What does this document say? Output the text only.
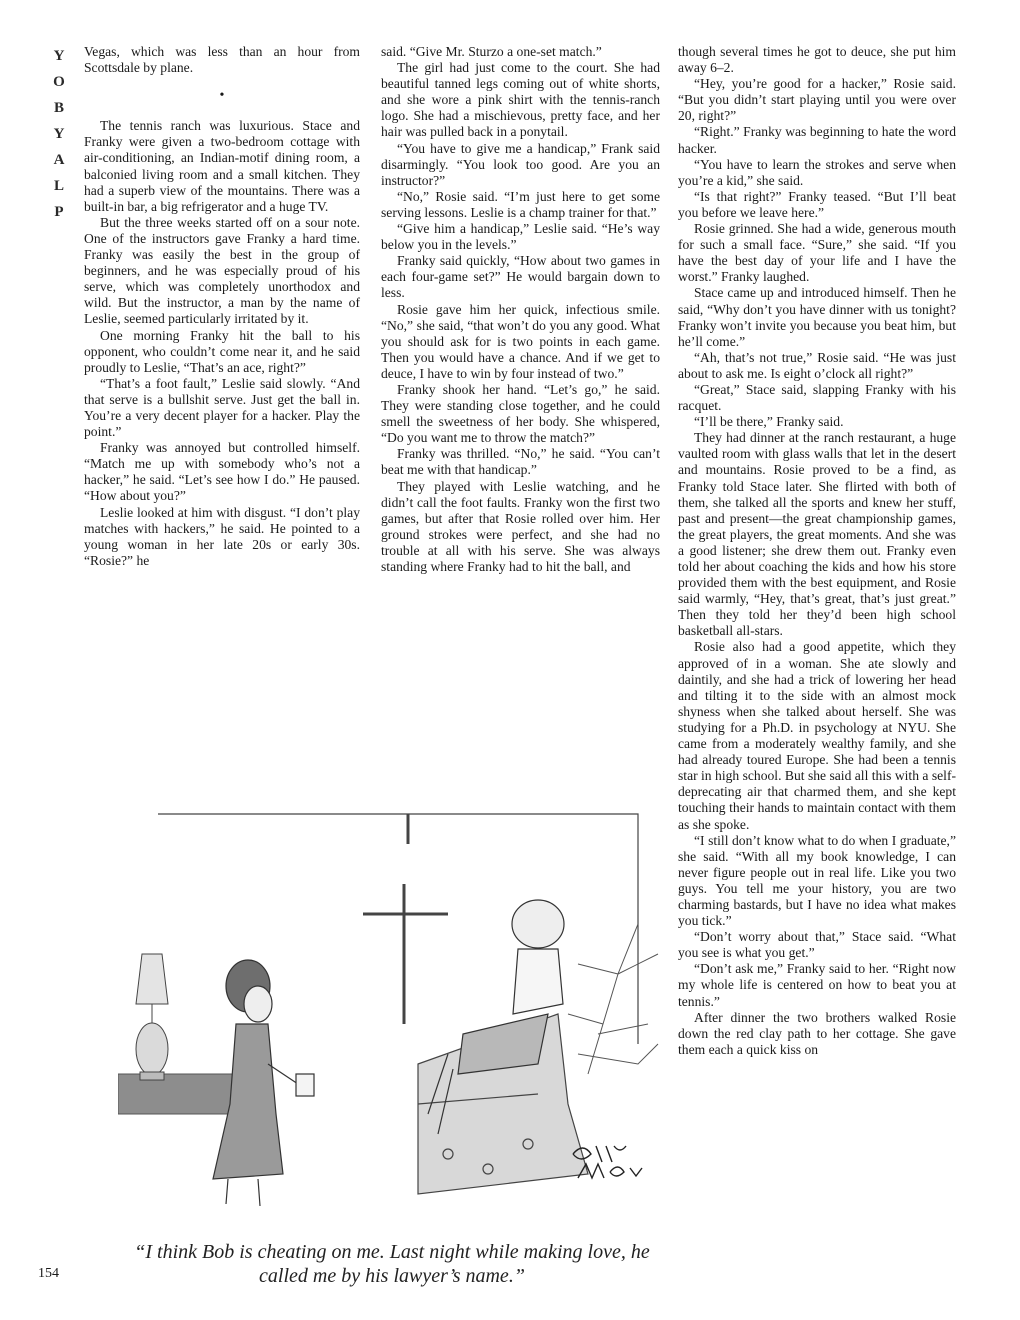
Y
O
B
Y
A
L
P

Vegas, which was less than an hour from Scottsdale by plane.

•

The tennis ranch was luxurious. Stace and Franky were given a two-bedroom cottage with air-conditioning, an Indian-motif dining room, a balconied living room and a small kitchen. They had a superb view of the mountains. There was a built-in bar, a big refrigerator and a huge TV.

But the three weeks started off on a sour note. One of the instructors gave Franky a hard time. Franky was easily the best in the group of beginners, and he was especially proud of his serve, which was completely unorthodox and wild. But the instructor, a man by the name of Leslie, seemed particularly irritated by it.

One morning Franky hit the ball to his opponent, who couldn’t come near it, and he said proudly to Leslie, “That’s an ace, right?”

“That’s a foot fault,” Leslie said slowly. “And that serve is a bullshit serve. Just get the ball in. You’re a very decent player for a hacker. Play the point.”

Franky was annoyed but controlled himself. “Match me up with somebody who’s not a hacker,” he said. “Let’s see how I do.” He paused. “How about you?”

Leslie looked at him with disgust. “I don’t play matches with hackers,” he said. He pointed to a young woman in her late 20s or early 30s. “Rosie?” he

said. “Give Mr. Sturzo a one-set match.”

The girl had just come to the court. She had beautiful tanned legs coming out of white shorts, and she wore a pink shirt with the tennis-ranch logo. She had a mischievous, pretty face, and her hair was pulled back in a ponytail.

“You have to give me a handicap,” Frank said disarmingly. “You look too good. Are you an instructor?”

“No,” Rosie said. “I’m just here to get some serving lessons. Leslie is a champ trainer for that.”

“Give him a handicap,” Leslie said. “He’s way below you in the levels.”

Franky said quickly, “How about two games in each four-game set?” He would bargain down to less.

Rosie gave him her quick, infectious smile. “No,” she said, “that won’t do you any good. What you should ask for is two points in each game. Then you would have a chance. And if we get to deuce, I have to win by four instead of two.”

Franky shook her hand. “Let’s go,” he said. They were standing close together, and he could smell the sweetness of her body. She whispered, “Do you want me to throw the match?”

Franky was thrilled. “No,” he said. “You can’t beat me with that handicap.”

They played with Leslie watching, and he didn’t call the foot faults. Franky won the first two games, but after that Rosie rolled over him. Her ground strokes were perfect, and she had no trouble at all with his serve. She was always standing where Franky had to hit the ball, and

though several times he got to deuce, she put him away 6–2.

“Hey, you’re good for a hacker,” Rosie said. “But you didn’t start playing until you were over 20, right?”

“Right.” Franky was beginning to hate the word hacker.

“You have to learn the strokes and serve when you’re a kid,” she said.

“Is that right?” Franky teased. “But I’ll beat you before we leave here.”

Rosie grinned. She had a wide, generous mouth for such a small face. “Sure,” she said. “If you have the best day of your life and I have the worst.” Franky laughed.

Stace came up and introduced himself. Then he said, “Why don’t you have dinner with us tonight? Franky won’t invite you because you beat him, but he’ll come.”

“Ah, that’s not true,” Rosie said. “He was just about to ask me. Is eight o’clock all right?”

“Great,” Stace said, slapping Franky with his racquet.

“I’ll be there,” Franky said.

They had dinner at the ranch restaurant, a huge vaulted room with glass walls that let in the desert and mountains. Rosie proved to be a find, as Franky told Stace later. She flirted with both of them, she talked all the sports and knew her stuff, past and present—the great championship games, the great players, the great moments. And she was a good listener; she drew them out. Franky even told her about coaching the kids and how his store provided them with the best equipment, and Rosie said warmly, “Hey, that’s great, that’s just great.” Then they told her they’d been high school basketball all-stars.

Rosie also had a good appetite, which they approved of in a woman. She ate slowly and daintily, and she had a trick of lowering her head and tilting it to the side with an almost mock shyness when she talked about herself. She was studying for a Ph.D. in psychology at NYU. She came from a moderately wealthy family, and she had already toured Europe. She had been a tennis star in high school. But she said all this with a self-deprecating air that charmed them, and she kept touching their hands to maintain contact with them as she spoke.

“I still don’t know what to do when I graduate,” she said. “With all my book knowledge, I can never figure people out in real life. Like you two guys. You tell me your history, you are two charming bastards, but I have no idea what makes you tick.”

“Don’t worry about that,” Stace said. “What you see is what you get.”

“Don’t ask me,” Franky said to her. “Right now my whole life is centered on how to beat you at tennis.”

After dinner the two brothers walked Rosie down the red clay path to her cottage. She gave them each a quick kiss on

“I think Bob is cheating on me. Last night while making love, he called me by his lawyer’s name.”
154
